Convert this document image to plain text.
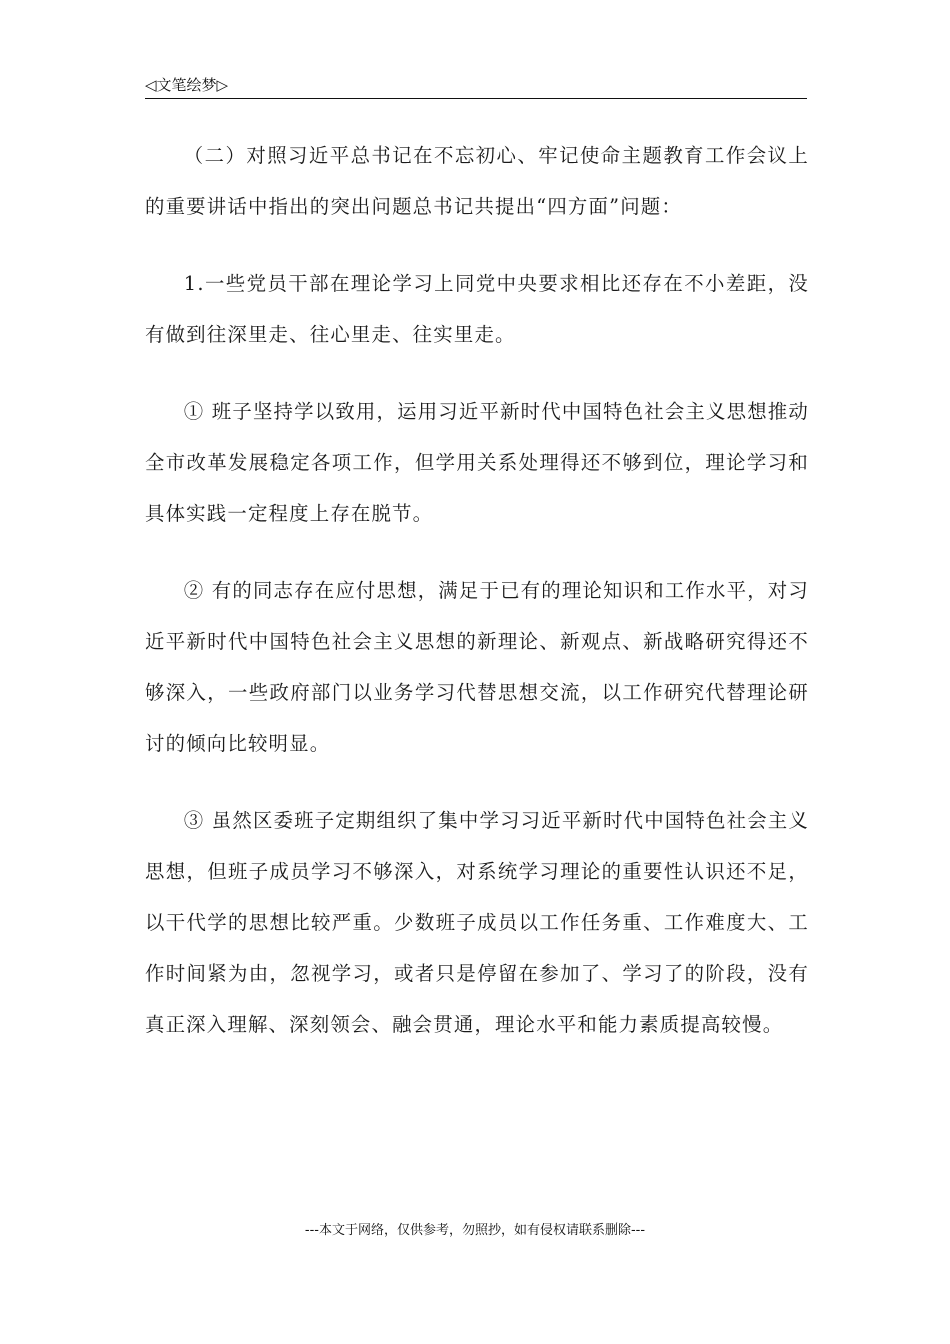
◁文笔绘梦▷

（二）对照习近平总书记在不忘初心、牢记使命主题教育工作会议上的重要讲话中指出的突出问题总书记共提出“四方面”问题：

1.一些党员干部在理论学习上同党中央要求相比还存在不小差距，没有做到往深里走、往心里走、往实里走。

① 班子坚持学以致用，运用习近平新时代中国特色社会主义思想推动全市改革发展稳定各项工作，但学用关系处理得还不够到位，理论学习和具体实践一定程度上存在脱节。

② 有的同志存在应付思想，满足于已有的理论知识和工作水平，对习近平新时代中国特色社会主义思想的新理论、新观点、新战略研究得还不够深入，一些政府部门以业务学习代替思想交流，以工作研究代替理论研讨的倾向比较明显。

③ 虽然区委班子定期组织了集中学习习近平新时代中国特色社会主义思想，但班子成员学习不够深入，对系统学习理论的重要性认识还不足，以干代学的思想比较严重。少数班子成员以工作任务重、工作难度大、工作时间紧为由，忽视学习，或者只是停留在参加了、学习了的阶段，没有真正深入理解、深刻领会、融会贯通，理论水平和能力素质提高较慢。

---本文于网络，仅供参考，勿照抄，如有侵权请联系删除---
